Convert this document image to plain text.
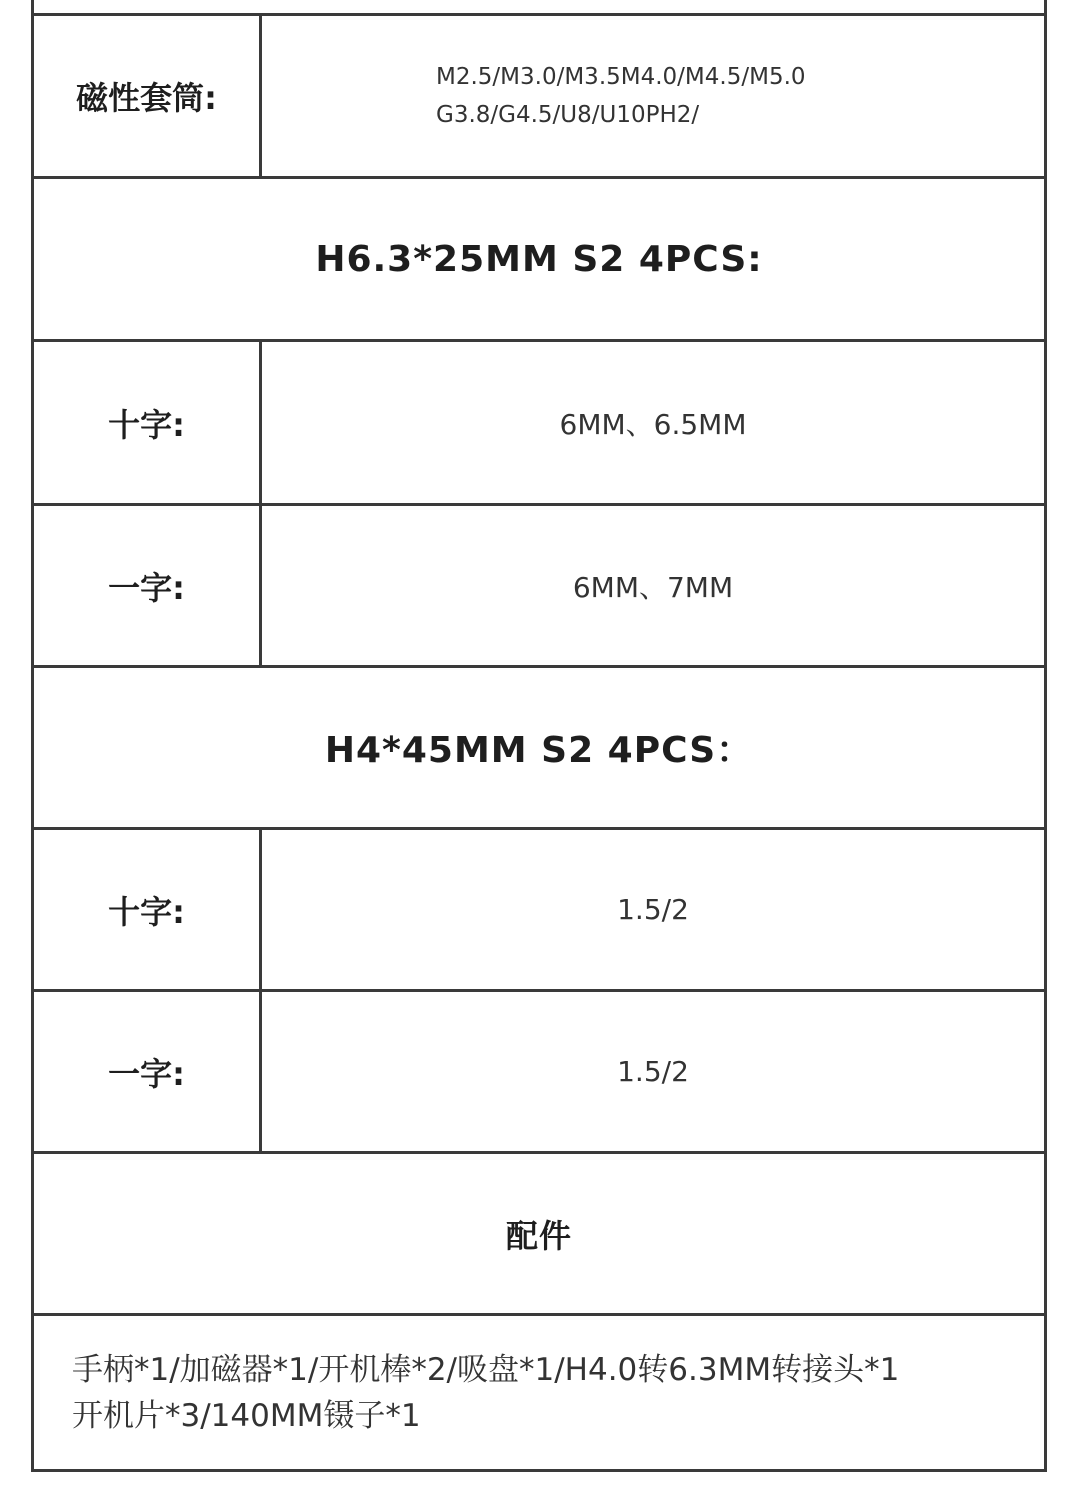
磁性套筒:
M2.5/M3.0/M3.5M4.0/M4.5/M5.0
G3.8/G4.5/U8/U10PH2/
H6.3*25MM S2 4PCS:
十字:	6MM、6.5MM
一字:	6MM、7MM
H4*45MM S2 4PCS：
十字:	1.5/2
一字:	1.5/2
配件
手柄*1/加磁器*1/开机棒*2/吸盘*1/H4.0转6.3MM转接头*1
开机片*3/140MM镊子*1
